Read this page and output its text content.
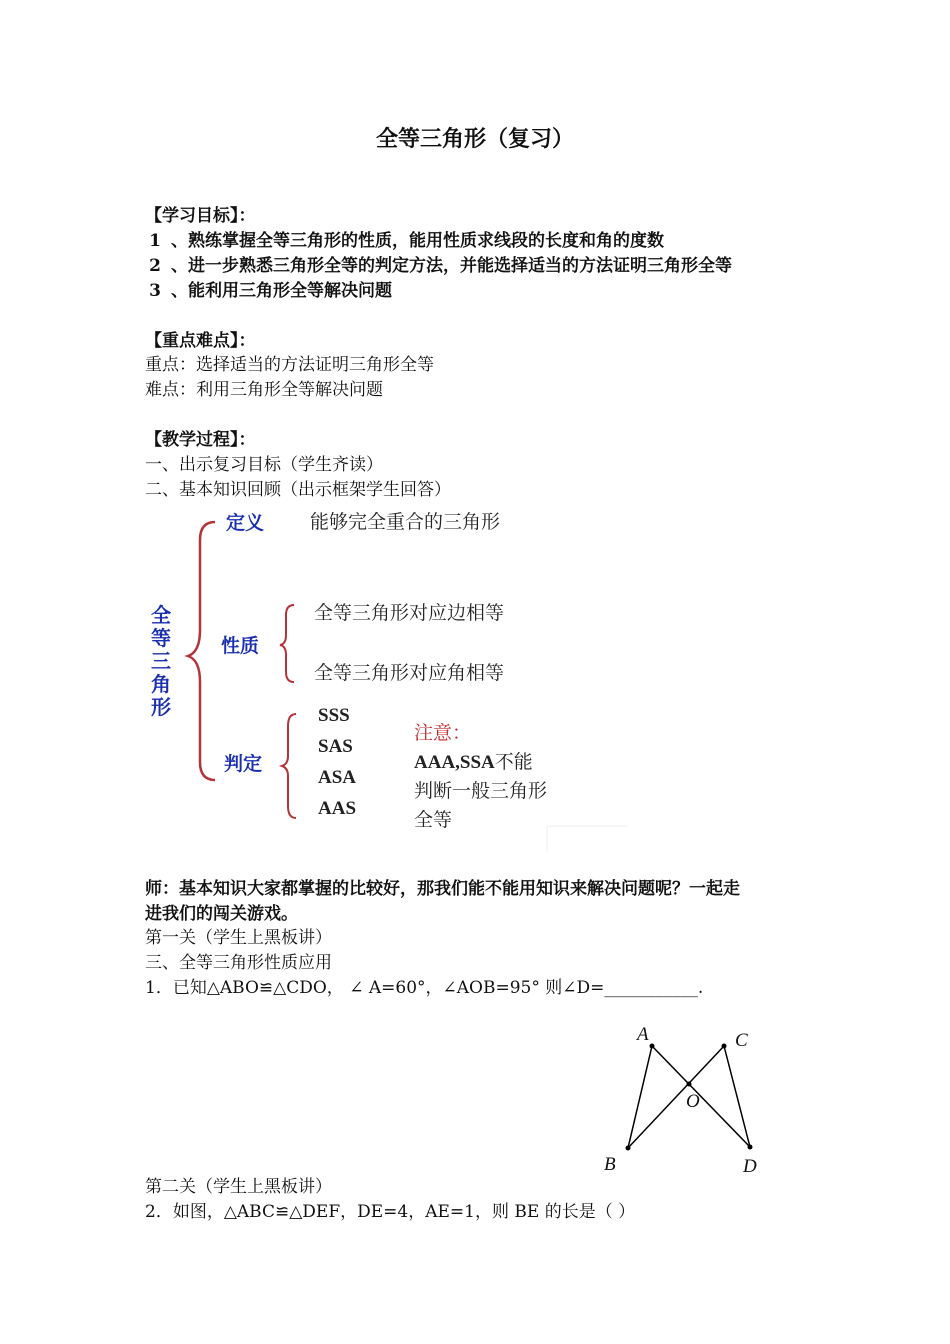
全等三角形（复习）
【学习目标】：
1 、熟练掌握全等三角形的性质，能用性质求线段的长度和角的度数
2 、进一步熟悉三角形全等的判定方法，并能选择适当的方法证明三角形全等
3 、能利用三角形全等解决问题
【重点难点】：
重点：选择适当的方法证明三角形全等
难点：利用三角形全等解决问题
【教学过程】：
一、出示复习目标（学生齐读）
二、基本知识回顾（出示框架学生回答）
全
等
三
角
形
定义 能够完全重合的三角形
性质
全等三角形对应边相等
全等三角形对应角相等
判定
SSS
SAS
ASA
AAS
注意：
AAA,SSA不能
判断一般三角形
全等
师：基本知识大家都掌握的比较好，那我们能不能用知识来解决问题呢？一起走
进我们的闯关游戏。
第一关（学生上黑板讲）
三、全等三角形性质应用
1．已知△ABO≌△CDO， ∠ A=60°，∠AOB=95° 则∠D=___________.
A	C
O
B	D
第二关（学生上黑板讲）
2．如图，△ABC≌△DEF，DE=4，AE=1，则 BE 的长是（ ）
